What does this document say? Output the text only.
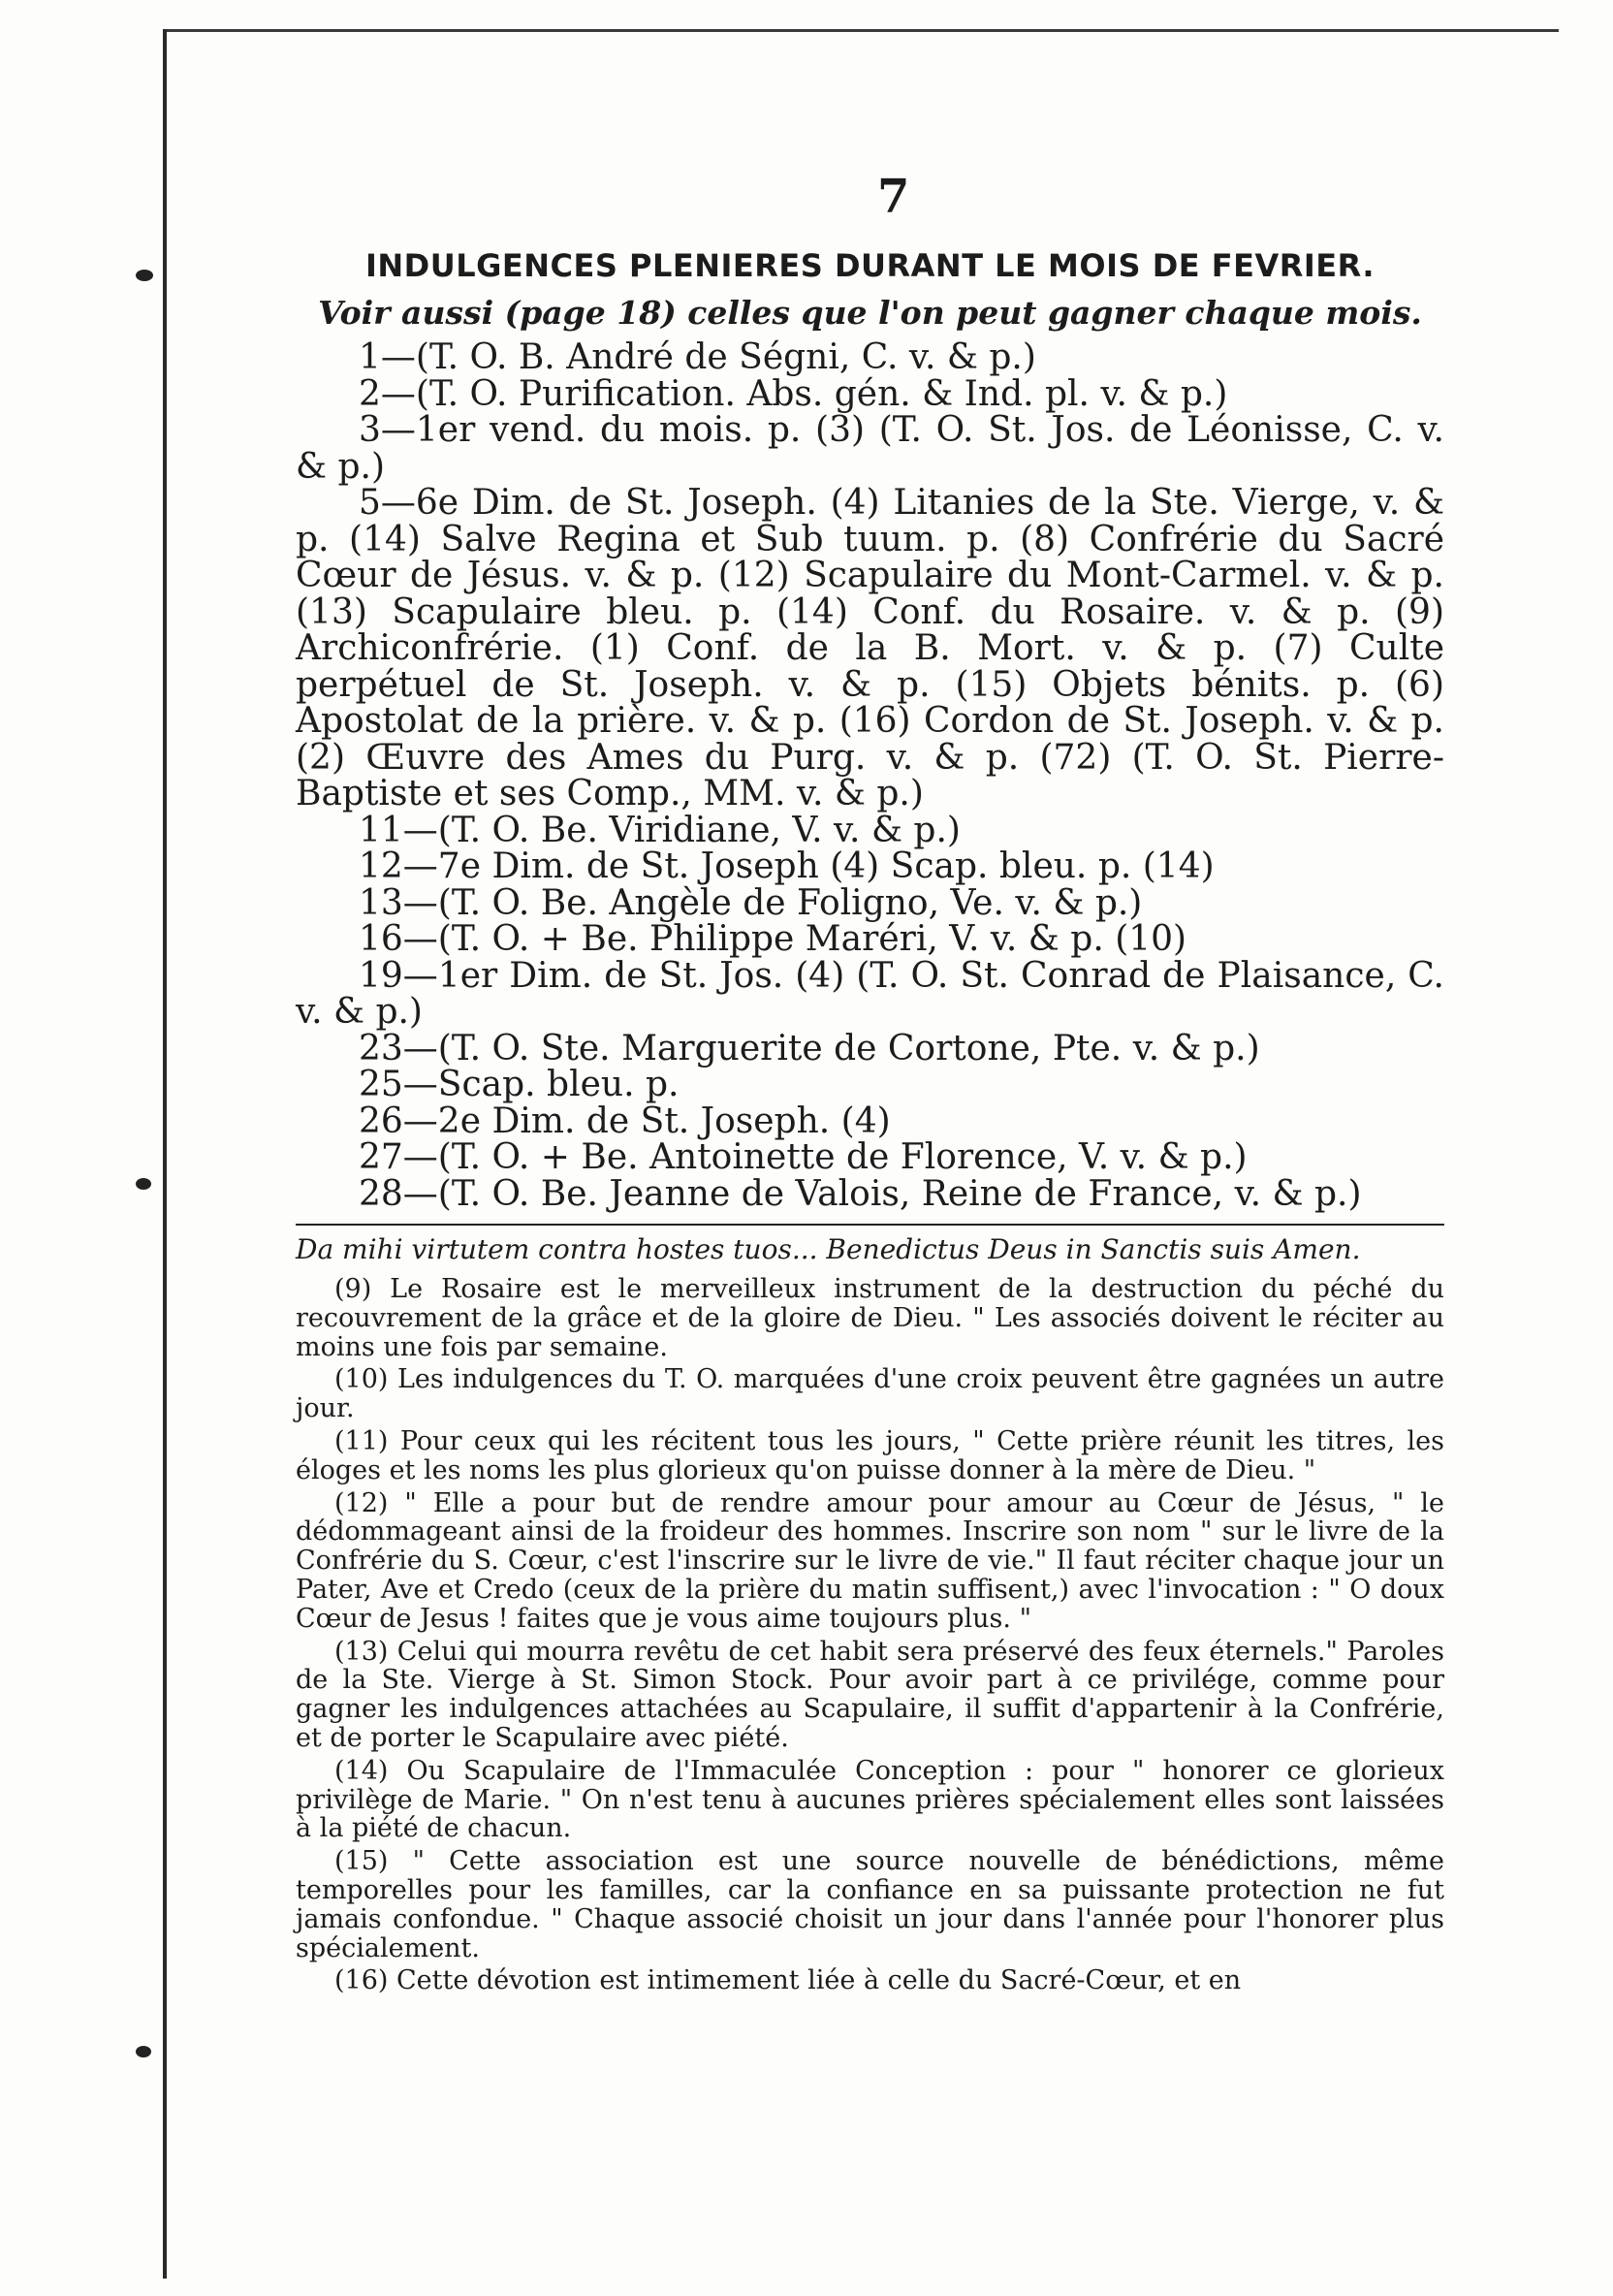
7
INDULGENCES PLENIERES DURANT LE MOIS DE FEVRIER.
Voir aussi (page 18) celles que l'on peut gagner chaque mois.
1—(T. O. B. André de Ségni, C. v. & p.)
2—(T. O. Purification. Abs. gén. & Ind. pl. v. & p.)
3—1er vend. du mois. p. (3) (T. O. St. Jos. de Léonisse, C. v. & p.)
5—6e Dim. de St. Joseph. (4) Litanies de la Ste. Vierge, v. & p. (14) Salve Regina et Sub tuum. p. (8) Confrérie du Sacré Cœur de Jésus. v. & p. (12) Scapulaire du Mont-Carmel. v. & p. (13) Scapulaire bleu. p. (14) Conf. du Rosaire. v. & p. (9) Archiconfrérie. (1) Conf. de la B. Mort. v. & p. (7) Culte perpétuel de St. Joseph. v. & p. (15) Objets bénits. p. (6) Apostolat de la prière. v. & p. (16) Cordon de St. Joseph. v. & p. (2) Œuvre des Ames du Purg. v. & p. (72) (T. O. St. Pierre-Baptiste et ses Comp., MM. v. & p.)
11—(T. O. Be. Viridiane, V. v. & p.)
12—7e Dim. de St. Joseph (4) Scap. bleu. p. (14)
13—(T. O. Be. Angèle de Foligno, Ve. v. & p.)
16—(T. O. + Be. Philippe Maréri, V. v. & p. (10)
19—1er Dim. de St. Jos. (4) (T. O. St. Conrad de Plaisance, C. v. & p.)
23—(T. O. Ste. Marguerite de Cortone, Pte. v. & p.)
25—Scap. bleu. p.
26—2e Dim. de St. Joseph. (4)
27—(T. O. + Be. Antoinette de Florence, V. v. & p.)
28—(T. O. Be. Jeanne de Valois, Reine de France, v. & p.)
Da mihi virtutem contra hostes tuos... Benedictus Deus in Sanctis suis Amen.
(9) Le Rosaire est le merveilleux instrument de la destruction du péché du recouvrement de la grâce et de la gloire de Dieu. " Les associés doivent le réciter au moins une fois par semaine.
(10) Les indulgences du T. O. marquées d'une croix peuvent être gagnées un autre jour.
(11) Pour ceux qui les récitent tous les jours, " Cette prière réunit les titres, les éloges et les noms les plus glorieux qu'on puisse donner à la mère de Dieu. "
(12) " Elle a pour but de rendre amour pour amour au Cœur de Jésus, " le dédommageant ainsi de la froideur des hommes. Inscrire son nom " sur le livre de la Confrérie du S. Cœur, c'est l'inscrire sur le livre de vie." Il faut réciter chaque jour un Pater, Ave et Credo (ceux de la prière du matin suffisent,) avec l'invocation : " O doux Cœur de Jesus ! faites que je vous aime toujours plus. "
(13) Celui qui mourra revêtu de cet habit sera préservé des feux éternels." Paroles de la Ste. Vierge à St. Simon Stock. Pour avoir part à ce privilége, comme pour gagner les indulgences attachées au Scapulaire, il suffit d'appartenir à la Confrérie, et de porter le Scapulaire avec piété.
(14) Ou Scapulaire de l'Immaculée Conception : pour " honorer ce glorieux privilège de Marie. " On n'est tenu à aucunes prières spécialement elles sont laissées à la piété de chacun.
(15) " Cette association est une source nouvelle de bénédictions, même temporelles pour les familles, car la confiance en sa puissante protection ne fut jamais confondue. " Chaque associé choisit un jour dans l'année pour l'honorer plus spécialement.
(16) Cette dévotion est intimement liée à celle du Sacré-Cœur, et en
